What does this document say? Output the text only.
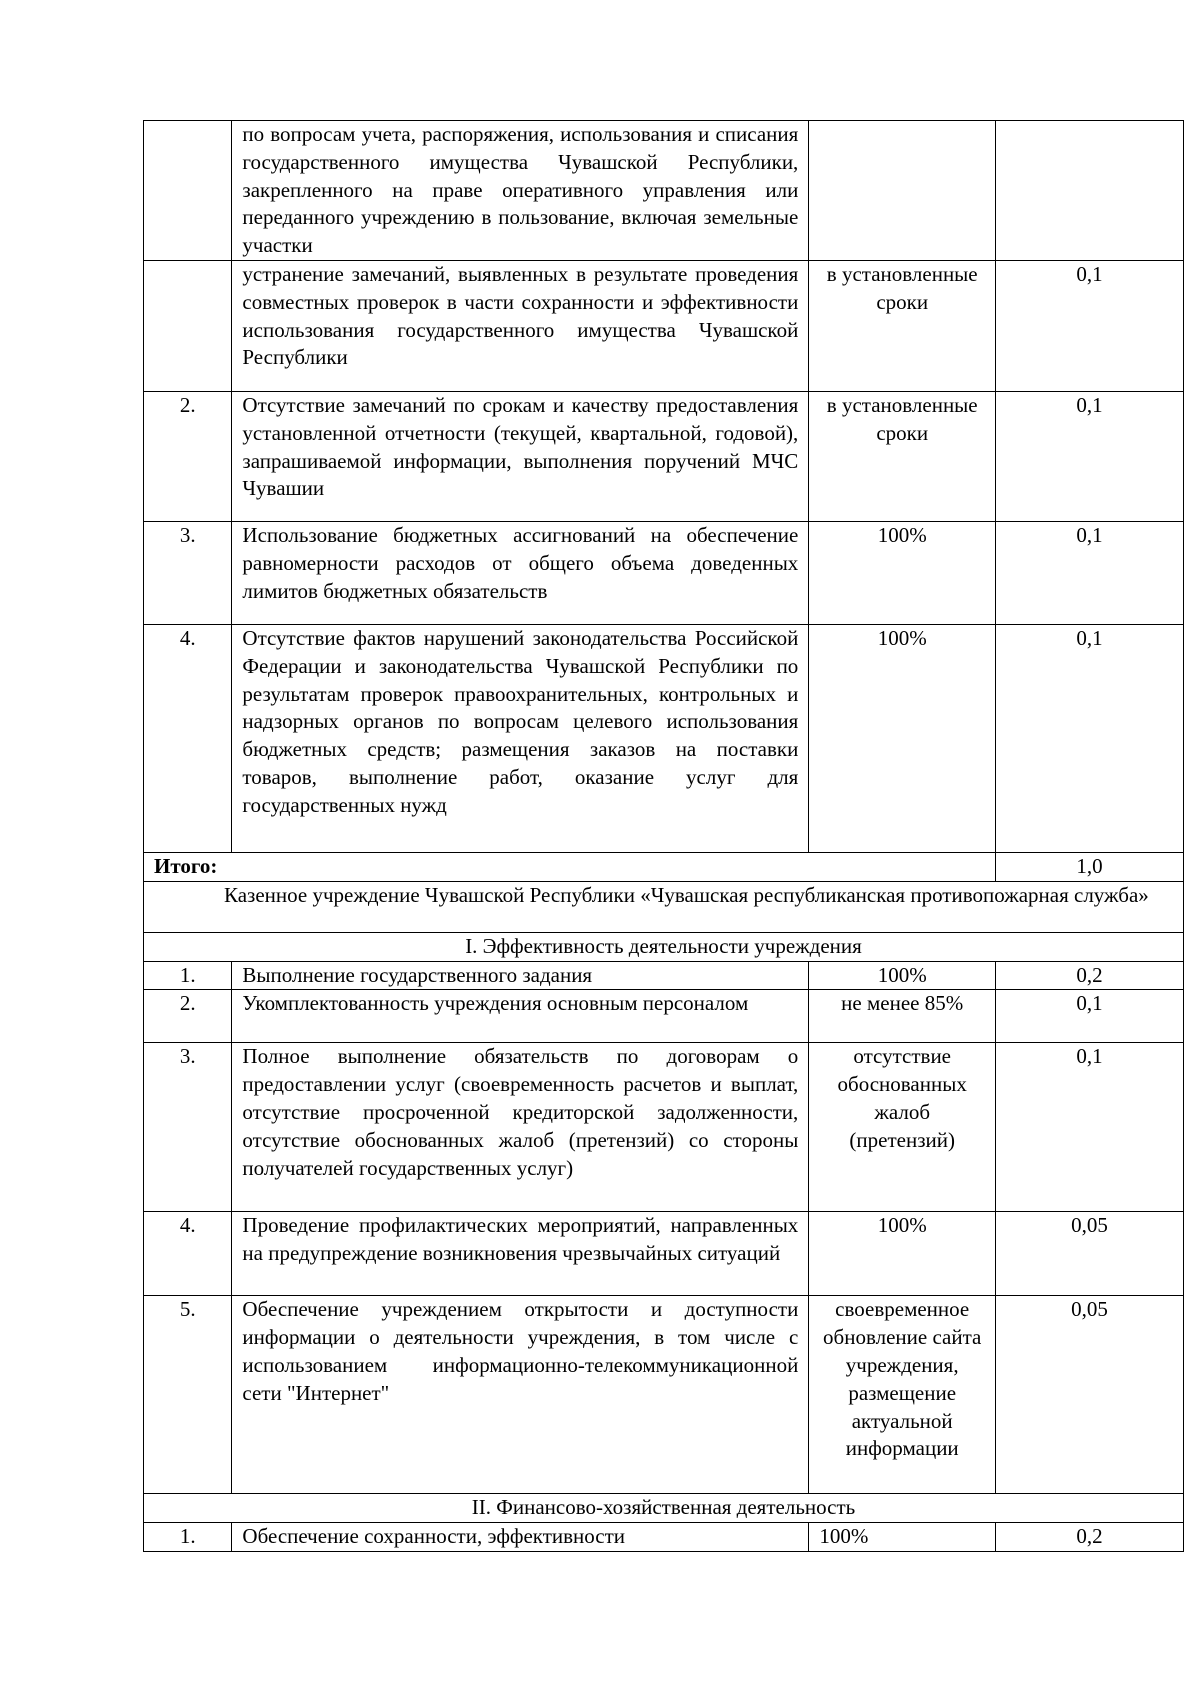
	по вопросам учета, распоряжения, использования и списания государственного имущества Чувашской Республики, закрепленного на праве оперативного управления или переданного учреждению в пользование, включая земельные участки		
	устранение замечаний, выявленных в результате проведения совместных проверок в части сохранности и эффективности использования государственного имущества Чувашской Республики	в установленные сроки	0,1
2.	Отсутствие замечаний по срокам и качеству предоставления установленной отчетности (текущей, квартальной, годовой), запрашиваемой информации, выполнения поручений МЧС Чувашии	в установленные сроки	0,1
3.	Использование бюджетных ассигнований на обеспечение равномерности расходов от общего объема доведенных лимитов бюджетных обязательств	100%	0,1
4.	Отсутствие фактов нарушений законодательства Российской Федерации и законодательства Чувашской Республики по результатам проверок правоохранительных, контрольных и надзорных органов по вопросам целевого использования бюджетных средств; размещения заказов на поставки товаров, выполнение работ, оказание услуг для государственных нужд	100%	0,1
Итого:			1,0
Казенное учреждение Чувашской Республики «Чувашская республиканская противопожарная служба»			
I. Эффективность деятельности учреждения			
1.	Выполнение государственного задания	100%	0,2
2.	Укомплектованность учреждения основным персоналом	не менее 85%	0,1
3.	Полное выполнение обязательств по договорам о предоставлении услуг (своевременность расчетов и выплат, отсутствие просроченной кредиторской задолженности, отсутствие обоснованных жалоб (претензий) со стороны получателей государственных услуг)	отсутствие обоснованных жалоб (претензий)	0,1
4.	Проведение профилактических мероприятий, направленных на предупреждение возникновения чрезвычайных ситуаций	100%	0,05
5.	Обеспечение учреждением открытости и доступности информации о деятельности учреждения, в том числе с использованием информационно-телекоммуникационной сети "Интернет"	своевременное обновление сайта учреждения, размещение актуальной информации	0,05
II. Финансово-хозяйственная деятельность			
1.	Обеспечение сохранности, эффективности	100%	0,2
